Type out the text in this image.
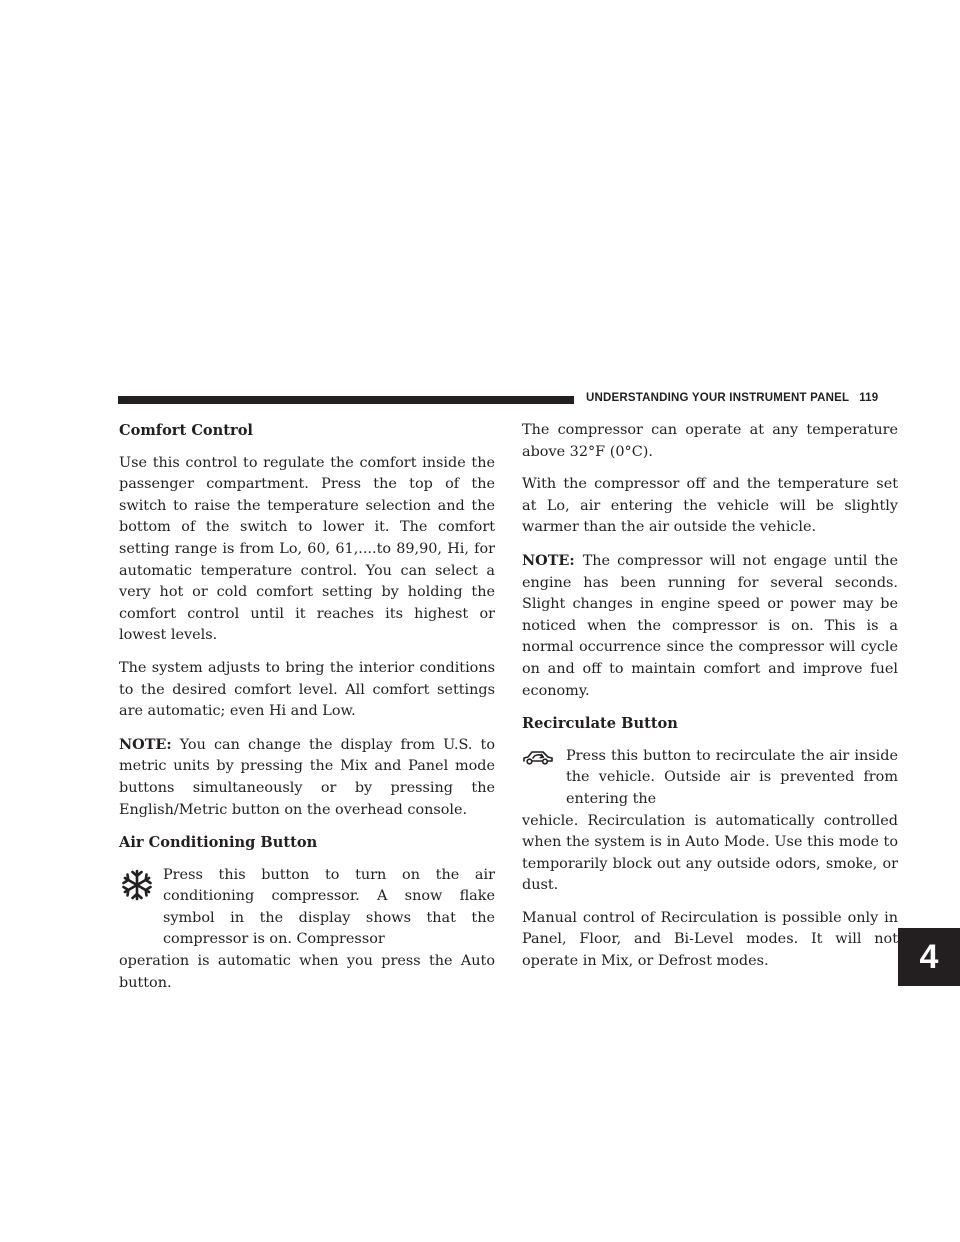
UNDERSTANDING YOUR INSTRUMENT PANEL 119
4

Comfort Control

Use this control to regulate the comfort inside the passenger compartment. Press the top of the switch to raise the temperature selection and the bottom of the switch to lower it. The comfort setting range is from Lo, 60, 61,....to 89,90, Hi, for automatic temperature control. You can select a very hot or cold comfort setting by holding the comfort control until it reaches its highest or lowest levels.

The system adjusts to bring the interior conditions to the desired comfort level. All comfort settings are automatic; even Hi and Low.

NOTE: You can change the display from U.S. to metric units by pressing the Mix and Panel mode buttons simultaneously or by pressing the English/Metric button on the overhead console.

Air Conditioning Button

Press this button to turn on the air conditioning compressor. A snow flake symbol in the display shows that the compressor is on. Compressor
operation is automatic when you press the Auto button.

The compressor can operate at any temperature above 32°F (0°C).

With the compressor off and the temperature set at Lo, air entering the vehicle will be slightly warmer than the air outside the vehicle.

NOTE: The compressor will not engage until the engine has been running for several seconds. Slight changes in engine speed or power may be noticed when the compressor is on. This is a normal occurrence since the compressor will cycle on and off to maintain comfort and improve fuel economy.

Recirculate Button

Press this button to recirculate the air inside the vehicle. Outside air is prevented from entering the
vehicle. Recirculation is automatically controlled when the system is in Auto Mode. Use this mode to temporarily block out any outside odors, smoke, or dust.

Manual control of Recirculation is possible only in Panel, Floor, and Bi-Level modes. It will not operate in Mix, or Defrost modes.
